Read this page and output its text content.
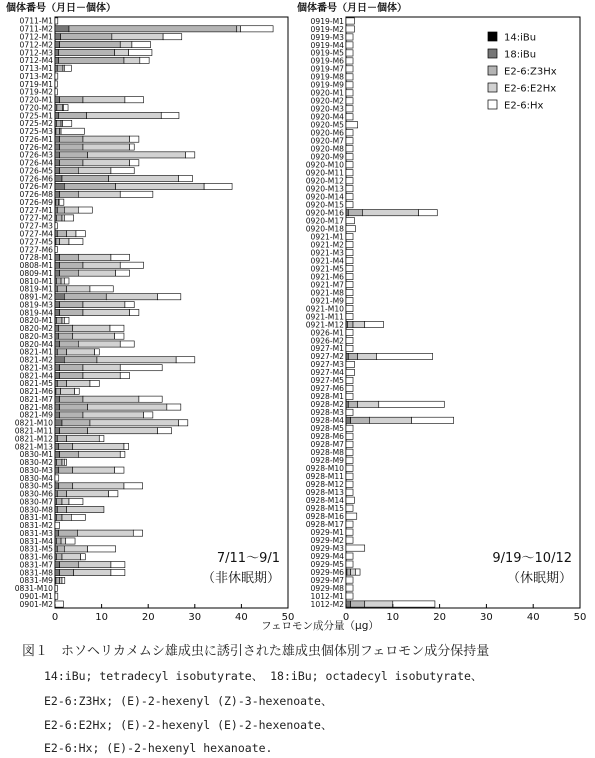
個体番号（月日－個体）
0711-M1
0711-M2
0712-M1
0712-M2
0712-M3
0712-M4
0713-M1
0713-M2
0719-M1
0719-M2
0720-M1
0720-M2
0725-M1
0725-M2
0725-M3
0726-M1
0726-M2
0726-M3
0726-M4
0726-M5
0726-M6
0726-M7
0726-M8
0726-M9
0727-M1
0727-M2
0727-M3
0727-M4
0727-M5
0727-M6
0728-M1
0808-M1
0809-M1
0810-M1
0819-M1
0891-M2
0819-M3
0819-M4
0820-M1
0820-M2
0820-M3
0820-M4
0821-M1
0821-M2
0821-M3
0821-M4
0821-M5
0821-M6
0821-M7
0821-M8
0821-M9
0821-M10
0821-M11
0821-M12
0821-M13
0830-M1
0830-M2
0830-M3
0830-M4
0830-M5
0830-M6
0830-M7
0830-M8
0831-M1
0831-M2
0831-M3
0831-M4
0831-M5
0831-M6
0831-M7
0831-M8
0831-M9
0831-M10
0901-M1
0901-M2
0	10	20	30	40	50
7/11～9/1
（非休眠期）
個体番号（月日－個体）
0919-M1
0919-M2
0919-M3
0919-M4
0919-M5
0919-M6
0919-M7
0919-M8
0919-M9
0920-M1
0920-M2
0920-M3
0920-M4
0920-M5
0920-M6
0920-M7
0920-M8
0920-M9
0920-M10
0920-M11
0920-M12
0920-M13
0920-M14
0920-M15
0920-M16
0920-M17
0920-M18
0921-M1
0921-M2
0921-M3
0921-M4
0921-M5
0921-M6
0921-M7
0921-M8
0921-M9
0921-M10
0921-M11
0921-M12
0926-M1
0926-M2
0927-M1
0927-M2
0927-M3
0927-M4
0927-M5
0927-M6
0928-M1
0928-M2
0928-M3
0928-M4
0928-M5
0928-M6
0928-M7
0928-M8
0928-M9
0928-M10
0928-M11
0928-M12
0928-M13
0928-M14
0928-M15
0928-M16
0928-M17
0929-M1
0929-M2
0929-M3
0929-M4
0929-M5
0929-M6
0929-M7
0929-M8
1012-M1
1012-M2
0	10	20	30	40	50
9/19～10/12
（休眠期）
14:iBu
18:iBu
E2-6:Z3Hx
E2-6:E2Hx
E2-6:Hx
フェロモン成分量（µg）
図１　ホソヘリカメムシ雄成虫に誘引された雄成虫個体別フェロモン成分保持量
14:iBu; tetradecyl isobutyrate、 18:iBu; octadecyl isobutyrate、
E2-6:Z3Hx; (E)-2-hexenyl (Z)-3-hexenoate、
E2-6:E2Hx; (E)-2-hexenyl (E)-2-hexenoate、
E2-6:Hx; (E)-2-hexenyl hexanoate.
